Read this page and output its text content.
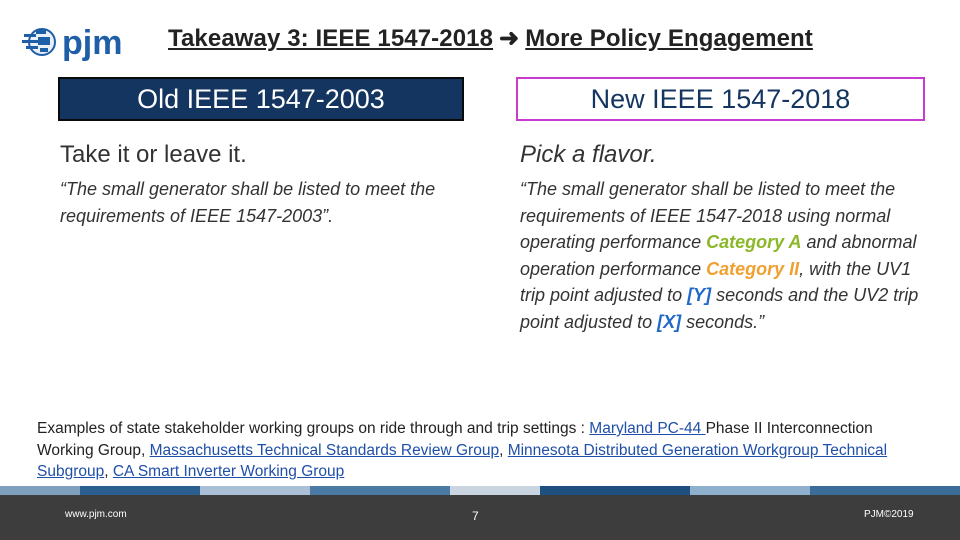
pjm Takeaway 3: IEEE 1547-2018 ➜ More Policy Engagement
Old IEEE 1547-2003	New IEEE 1547-2018
Take it or leave it.	Pick a flavor.
“The small generator shall be listed to meet the requirements of IEEE 1547-2003”.
“The small generator shall be listed to meet the requirements of IEEE 1547-2018 using normal operating performance Category A and abnormal operation performance Category II, with the UV1 trip point adjusted to [Y] seconds and the UV2 trip point adjusted to [X] seconds.”
Examples of state stakeholder working groups on ride through and trip settings : Maryland PC-44 Phase II Interconnection Working Group, Massachusetts Technical Standards Review Group, Minnesota Distributed Generation Workgroup Technical Subgroup, CA Smart Inverter Working Group
www.pjm.com	7	PJM©2019
